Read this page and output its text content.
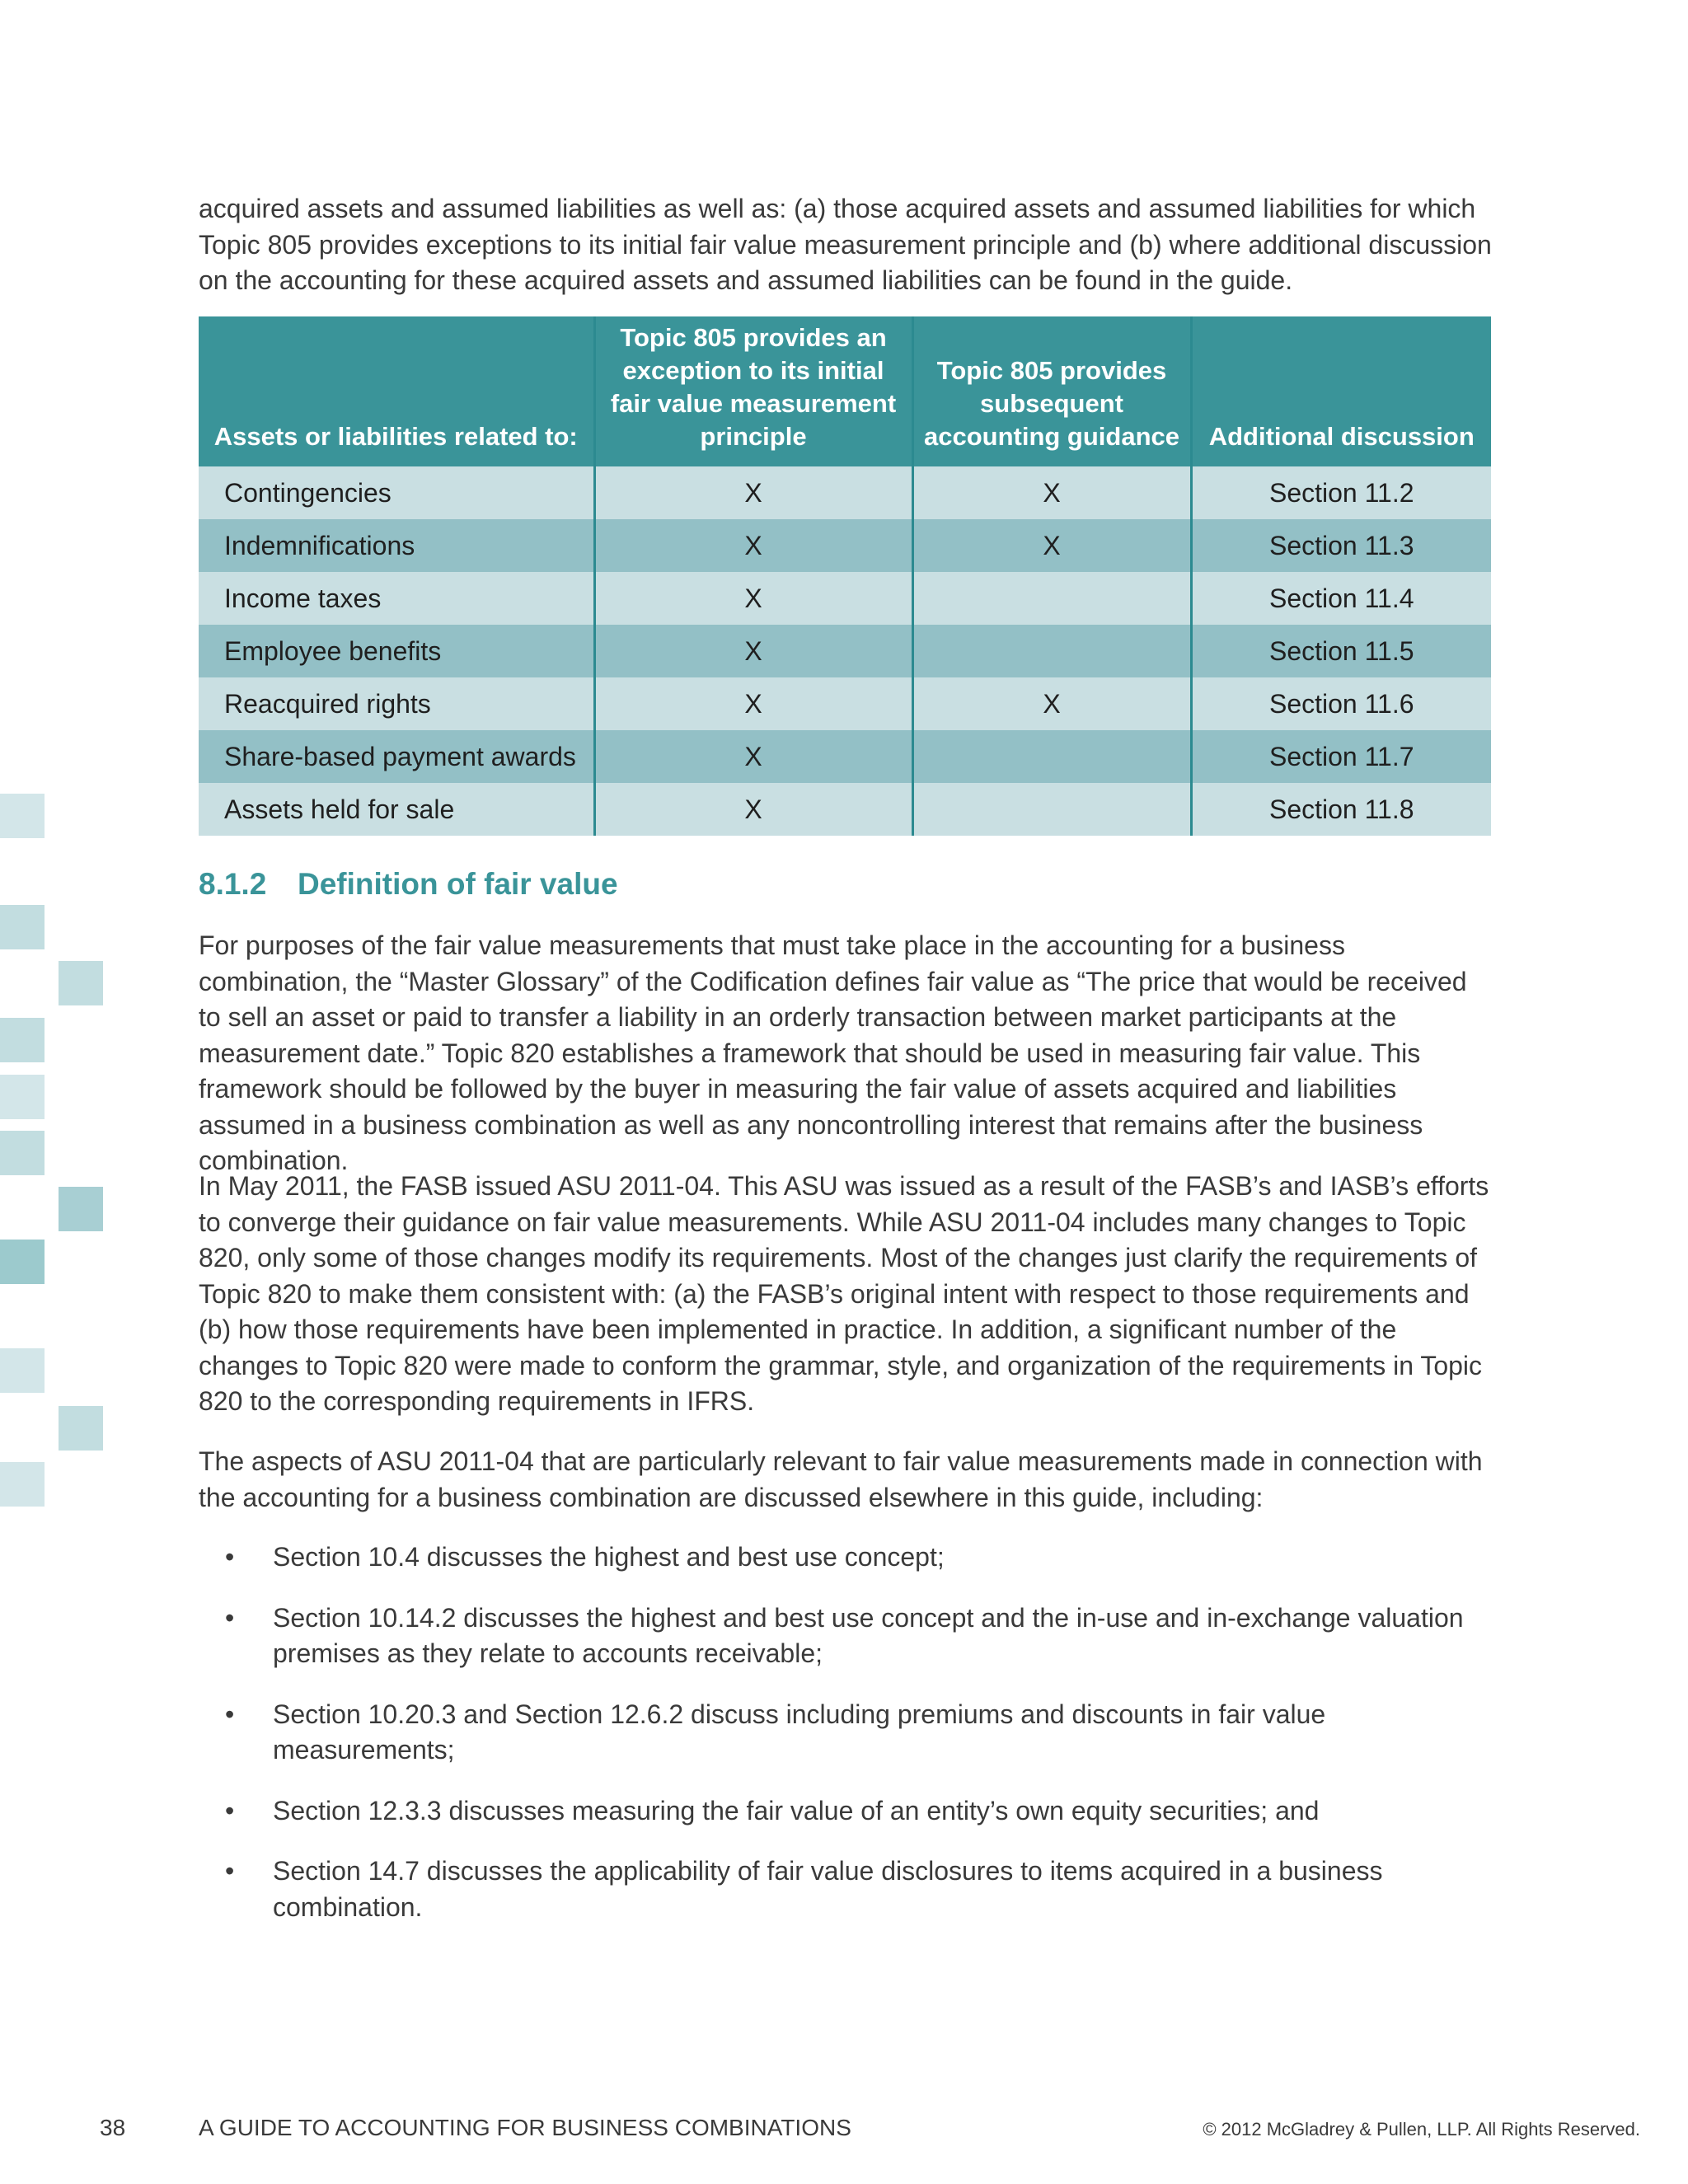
acquired assets and assumed liabilities as well as: (a) those acquired assets and assumed liabilities for which Topic 805 provides exceptions to its initial fair value measurement principle and (b) where additional discussion on the accounting for these acquired assets and assumed liabilities can be found in the guide.

Assets or liabilities related to:	Topic 805 provides an exception to its initial fair value measurement principle	Topic 805 provides subsequent accounting guidance	Additional discussion
Contingencies	X	X	Section 11.2
Indemnifications	X	X	Section 11.3
Income taxes	X		Section 11.4
Employee benefits	X		Section 11.5
Reacquired rights	X	X	Section 11.6
Share-based payment awards	X		Section 11.7
Assets held for sale	X		Section 11.8
8.1.2 Definition of fair value

For purposes of the fair value measurements that must take place in the accounting for a business combination, the “Master Glossary” of the Codification defines fair value as “The price that would be received to sell an asset or paid to transfer a liability in an orderly transaction between market participants at the measurement date.” Topic 820 establishes a framework that should be used in measuring fair value. This framework should be followed by the buyer in measuring the fair value of assets acquired and liabilities assumed in a business combination as well as any noncontrolling interest that remains after the business combination.

In May 2011, the FASB issued ASU 2011-04. This ASU was issued as a result of the FASB’s and IASB’s efforts to converge their guidance on fair value measurements. While ASU 2011-04 includes many changes to Topic 820, only some of those changes modify its requirements. Most of the changes just clarify the requirements of Topic 820 to make them consistent with: (a) the FASB’s original intent with respect to those requirements and (b) how those requirements have been implemented in practice. In addition, a significant number of the changes to Topic 820 were made to conform the grammar, style, and organization of the requirements in Topic 820 to the corresponding requirements in IFRS.

The aspects of ASU 2011-04 that are particularly relevant to fair value measurements made in connection with the accounting for a business combination are discussed elsewhere in this guide, including:

• Section 10.4 discusses the highest and best use concept;
• Section 10.14.2 discusses the highest and best use concept and the in-use and in-exchange valuation premises as they relate to accounts receivable;
• Section 10.20.3 and Section 12.6.2 discuss including premiums and discounts in fair value measurements;
• Section 12.3.3 discusses measuring the fair value of an entity’s own equity securities; and
• Section 14.7 discusses the applicability of fair value disclosures to items acquired in a business combination.
38	A GUIDE TO ACCOUNTING FOR BUSINESS COMBINATIONS	© 2012 McGladrey & Pullen, LLP. All Rights Reserved.
